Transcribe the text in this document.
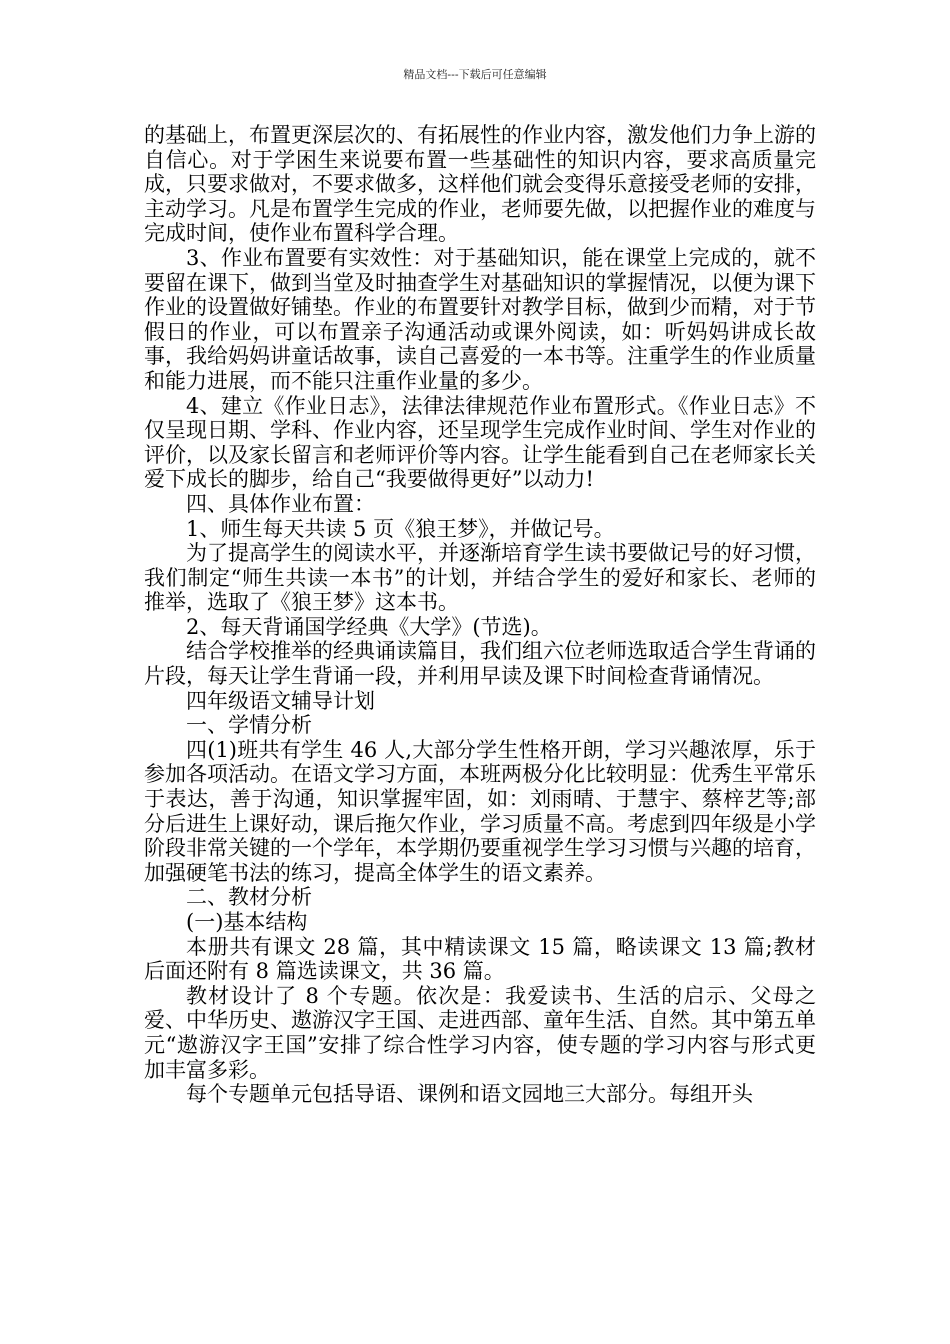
精品文档---下载后可任意编辑

的基础上，布置更深层次的、有拓展性的作业内容，激发他们力争上游的自信心。对于学困生来说要布置一些基础性的知识内容，要求高质量完成，只要求做对，不要求做多，这样他们就会变得乐意接受老师的安排，主动学习。凡是布置学生完成的作业，老师要先做，以把握作业的难度与完成时间，使作业布置科学合理。

3、作业布置要有实效性：对于基础知识，能在课堂上完成的，就不要留在课下，做到当堂及时抽查学生对基础知识的掌握情况，以便为课下作业的设置做好铺垫。作业的布置要针对教学目标，做到少而精，对于节假日的作业，可以布置亲子沟通活动或课外阅读，如：听妈妈讲成长故事，我给妈妈讲童话故事，读自己喜爱的一本书等。注重学生的作业质量和能力进展，而不能只注重作业量的多少。

4、建立《作业日志》，法律法律规范作业布置形式。《作业日志》不仅呈现日期、学科、作业内容，还呈现学生完成作业时间、学生对作业的评价，以及家长留言和老师评价等内容。让学生能看到自己在老师家长关爱下成长的脚步，给自己“我要做得更好”以动力!

四、具体作业布置：

1、师生每天共读 5 页《狼王梦》，并做记号。

为了提高学生的阅读水平，并逐渐培育学生读书要做记号的好习惯，我们制定“师生共读一本书”的计划，并结合学生的爱好和家长、老师的推举，选取了《狼王梦》这本书。

2、每天背诵国学经典《大学》(节选)。

结合学校推举的经典诵读篇目，我们组六位老师选取适合学生背诵的片段，每天让学生背诵一段，并利用早读及课下时间检查背诵情况。

四年级语文辅导计划

一、学情分析

四(1)班共有学生 46 人,大部分学生性格开朗，学习兴趣浓厚，乐于参加各项活动。在语文学习方面，本班两极分化比较明显：优秀生平常乐于表达，善于沟通，知识掌握牢固，如：刘雨晴、于慧宇、蔡梓艺等;部分后进生上课好动，课后拖欠作业，学习质量不高。考虑到四年级是小学阶段非常关键的一个学年，本学期仍要重视学生学习习惯与兴趣的培育，加强硬笔书法的练习，提高全体学生的语文素养。

二、教材分析

(一)基本结构

本册共有课文 28 篇，其中精读课文 15 篇，略读课文 13 篇;教材后面还附有 8 篇选读课文，共 36 篇。

教材设计了 8 个专题。依次是：我爱读书、生活的启示、父母之爱、中华历史、遨游汉字王国、走进西部、童年生活、自然。其中第五单元“遨游汉字王国”安排了综合性学习内容，使专题的学习内容与形式更加丰富多彩。

每个专题单元包括导语、课例和语文园地三大部分。每组开头
